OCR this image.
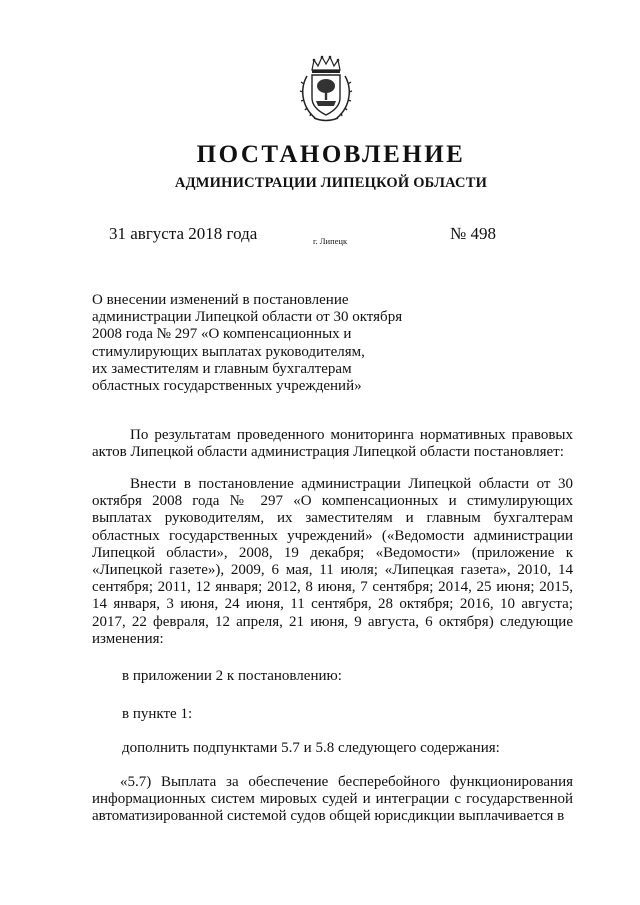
ПОСТАНОВЛЕНИЕ
АДМИНИСТРАЦИИ ЛИПЕЦКОЙ ОБЛАСТИ
31 августа 2018 года	г. Липецк	№ 498
О внесении изменений в постановление
администрации Липецкой области от 30 октября
2008 года № 297 «О компенсационных и
стимулирующих выплатах руководителям,
их заместителям и главным бухгалтерам
областных государственных учреждений»
По результатам проведенного мониторинга нормативных правовых актов Липецкой области администрация Липецкой области постановляет:
Внести в постановление администрации Липецкой области от 30 октября 2008 года № 297 «О компенсационных и стимулирующих выплатах руководителям, их заместителям и главным бухгалтерам областных государственных учреждений» («Ведомости администрации Липецкой области», 2008, 19 декабря; «Ведомости» (приложение к «Липецкой газете»), 2009, 6 мая, 11 июля; «Липецкая газета», 2010, 14 сентября; 2011, 12 января; 2012, 8 июня, 7 сентября; 2014, 25 июня; 2015, 14 января, 3 июня, 24 июня, 11 сентября, 28 октября; 2016, 10 августа; 2017, 22 февраля, 12 апреля, 21 июня, 9 августа, 6 октября) следующие изменения:
в приложении 2 к постановлению:
в пункте 1:
дополнить подпунктами 5.7 и 5.8 следующего содержания:
«5.7) Выплата за обеспечение бесперебойного функционирования информационных систем мировых судей и интеграции с государственной автоматизированной системой судов общей юрисдикции выплачивается в
